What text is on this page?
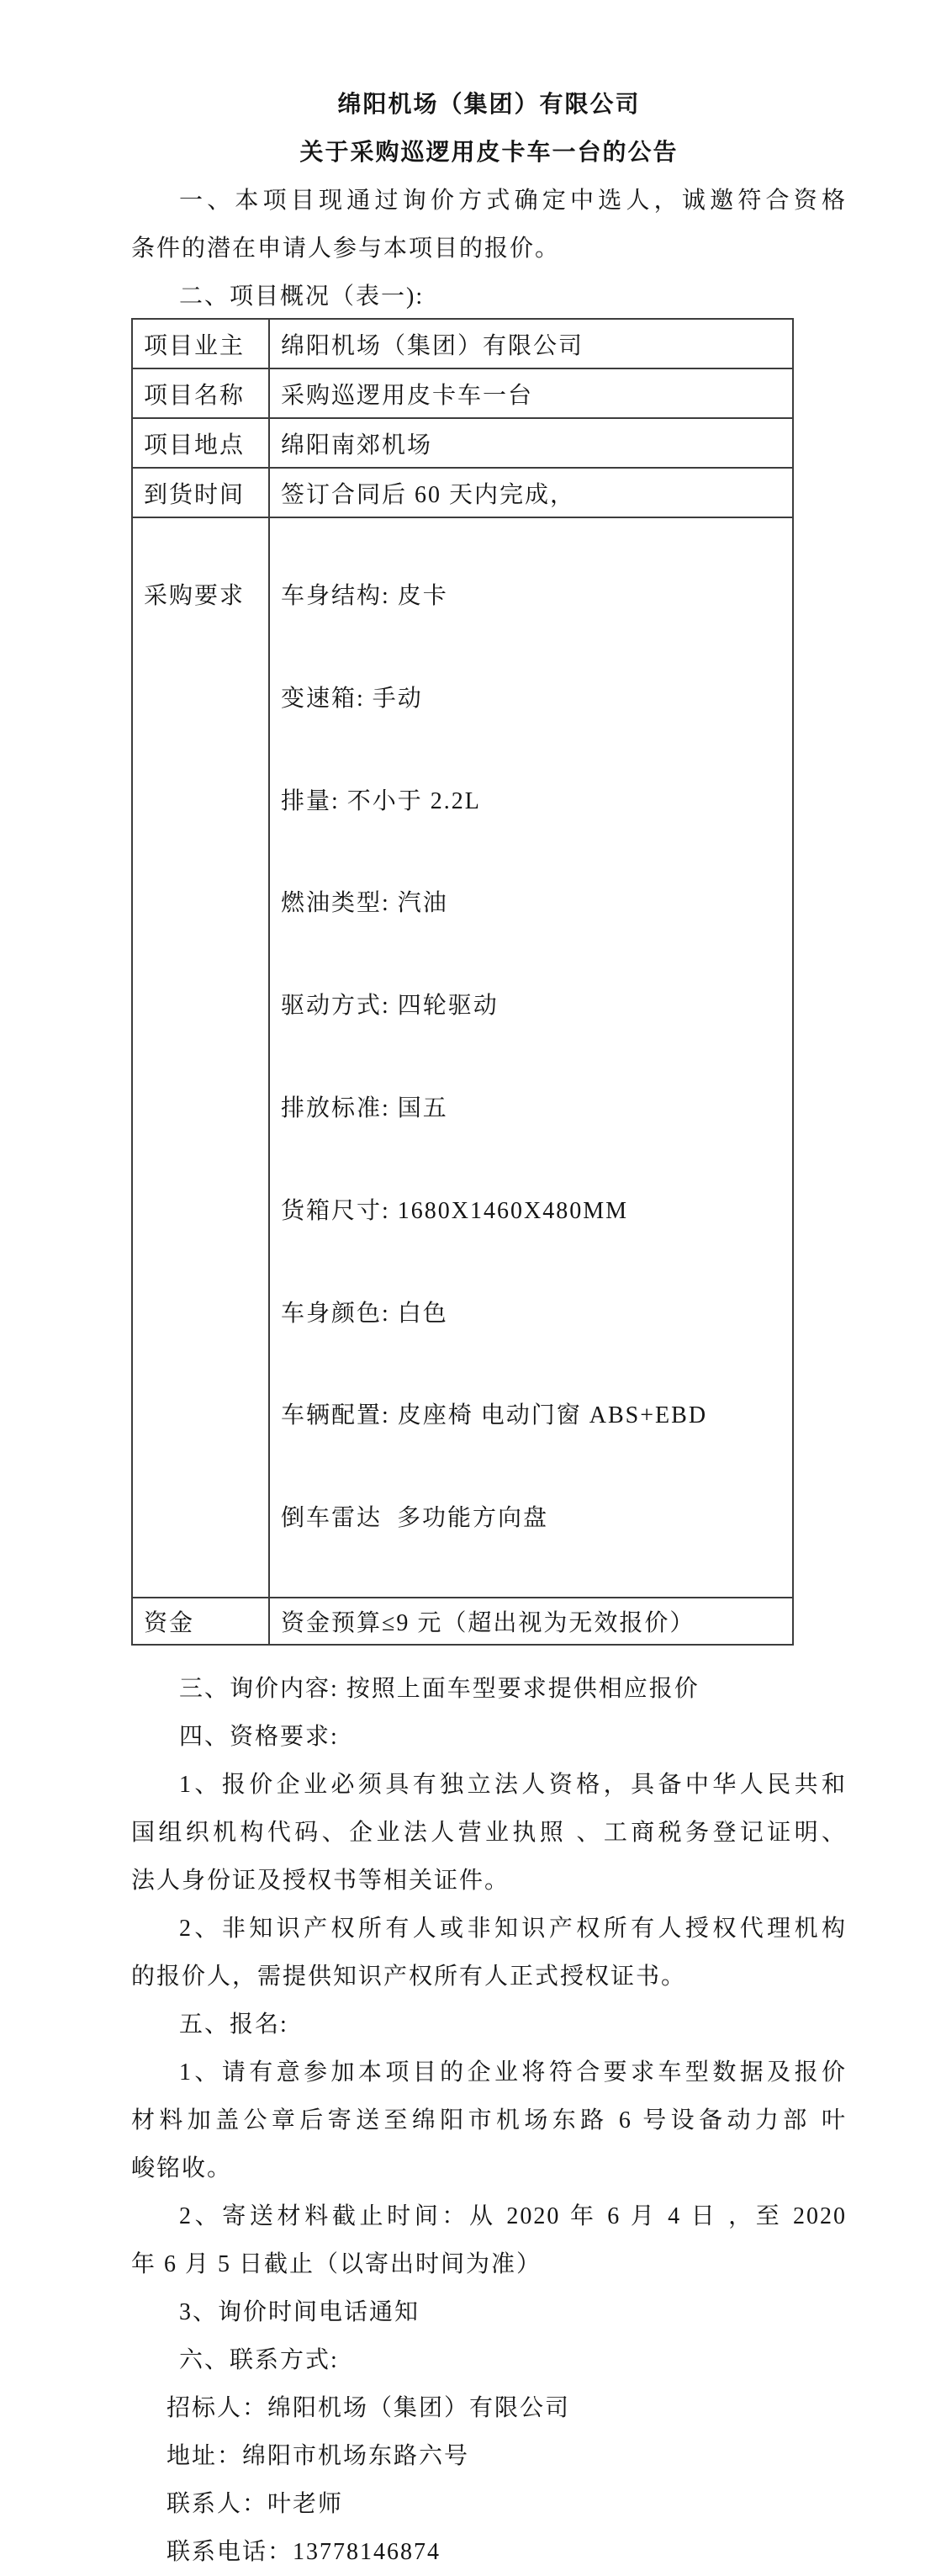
绵阳机场（集团）有限公司
关于采购巡逻用皮卡车一台的公告
一、本项目现通过询价方式确定中选人，诚邀符合资格
条件的潜在申请人参与本项目的报价。
二、项目概况（表一):
项目业主	绵阳机场（集团）有限公司
项目名称	采购巡逻用皮卡车一台
项目地点	绵阳南郊机场
到货时间	签订合同后 60 天内完成，

采购要求	车身结构: 皮卡

变速箱: 手动

排量: 不小于 2.2L

燃油类型: 汽油

驱动方式: 四轮驱动

排放标准: 国五

货箱尺寸: 1680X1460X480MM

车身颜色: 白色

车辆配置: 皮座椅 电动门窗 ABS+EBD

倒车雷达  多功能方向盘

资金	资金预算≤9 元（超出视为无效报价）
三、询价内容: 按照上面车型要求提供相应报价
四、资格要求:
1、报价企业必须具有独立法人资格，具备中华人民共和
国组织机构代码、企业法人营业执照 、工商税务登记证明、
法人身份证及授权书等相关证件。
2、非知识产权所有人或非知识产权所有人授权代理机构
的报价人，需提供知识产权所有人正式授权证书。
五、报名:
1、请有意参加本项目的企业将符合要求车型数据及报价
材料加盖公章后寄送至绵阳市机场东路 6 号设备动力部 叶
峻铭收。
2、寄送材料截止时间：从 2020 年 6 月 4 日 ，至 2020
年 6 月 5 日截止（以寄出时间为准）
3、询价时间电话通知
六、联系方式:
招标人：绵阳机场（集团）有限公司
地址：绵阳市机场东路六号
联系人：叶老师
联系电话：13778146874
